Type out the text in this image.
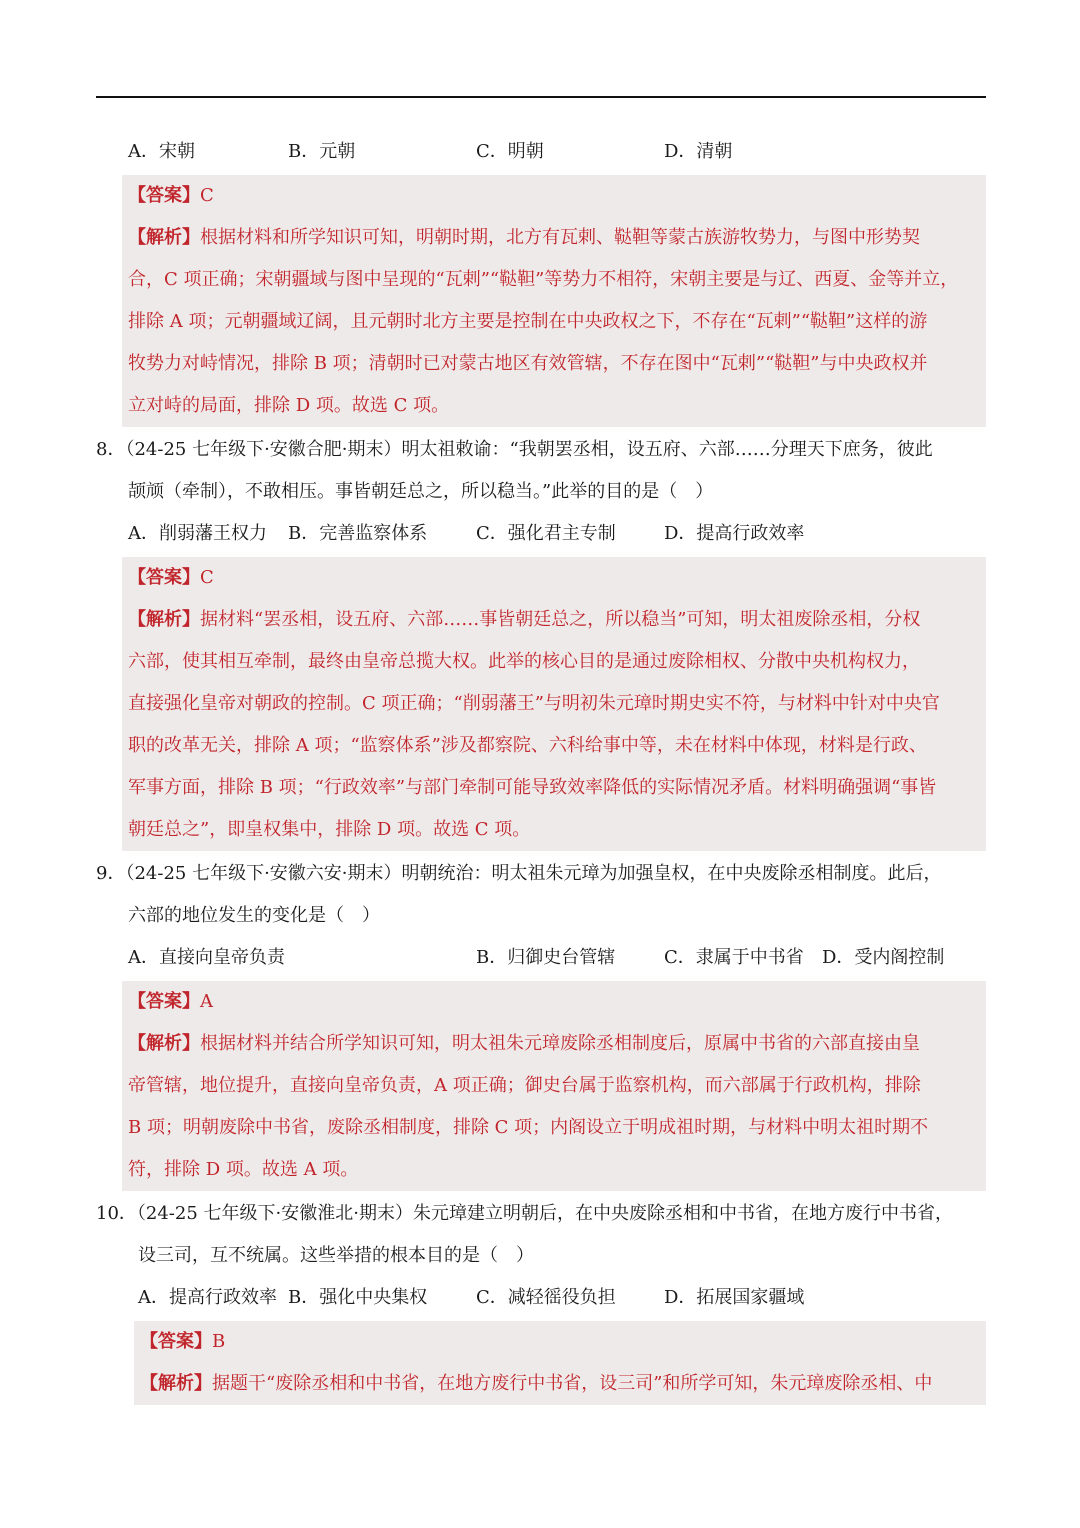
A．宋朝	B．元朝	C．明朝	D．清朝
【答案】C
【解析】根据材料和所学知识可知，明朝时期，北方有瓦剌、鞑靼等蒙古族游牧势力，与图中形势契
合，C 项正确；宋朝疆域与图中呈现的“瓦剌”“鞑靼”等势力不相符，宋朝主要是与辽、西夏、金等并立，
排除 A 项；元朝疆域辽阔，且元朝时北方主要是控制在中央政权之下，不存在“瓦剌”“鞑靼”这样的游
牧势力对峙情况，排除 B 项；清朝时已对蒙古地区有效管辖，不存在图中“瓦剌”“鞑靼”与中央政权并
立对峙的局面，排除 D 项。故选 C 项。
8．（24-25 七年级下·安徽合肥·期末）明太祖敕谕：“我朝罢丞相，设五府、六部……分理天下庶务，彼此
颉颃（牵制），不敢相压。事皆朝廷总之，所以稳当。”此举的目的是（　）
A．削弱藩王权力 B．完善监察体系	C．强化君主专制	D．提高行政效率
【答案】C
【解析】据材料“罢丞相，设五府、六部……事皆朝廷总之，所以稳当”可知，明太祖废除丞相，分权
六部，使其相互牵制，最终由皇帝总揽大权。此举的核心目的是通过废除相权、分散中央机构权力，
直接强化皇帝对朝政的控制。C 项正确；“削弱藩王”与明初朱元璋时期史实不符，与材料中针对中央官
职的改革无关，排除 A 项；“监察体系”涉及都察院、六科给事中等，未在材料中体现，材料是行政、
军事方面，排除 B 项；“行政效率”与部门牵制可能导致效率降低的实际情况矛盾。材料明确强调“事皆
朝廷总之”，即皇权集中，排除 D 项。故选 C 项。
9．（24-25 七年级下·安徽六安·期末）明朝统治：明太祖朱元璋为加强皇权，在中央废除丞相制度。此后，
六部的地位发生的变化是（　）
A．直接向皇帝负责	B．归御史台管辖	C．隶属于中书省 D．受内阁控制
【答案】A
【解析】根据材料并结合所学知识可知，明太祖朱元璋废除丞相制度后，原属中书省的六部直接由皇
帝管辖，地位提升，直接向皇帝负责，A 项正确；御史台属于监察机构，而六部属于行政机构，排除
B 项；明朝废除中书省，废除丞相制度，排除 C 项；内阁设立于明成祖时期，与材料中明太祖时期不
符，排除 D 项。故选 A 项。
10．（24-25 七年级下·安徽淮北·期末）朱元璋建立明朝后，在中央废除丞相和中书省，在地方废行中书省，
设三司，互不统属。这些举措的根本目的是（　）
A．提高行政效率 B．强化中央集权	C．减轻徭役负担	D．拓展国家疆域
【答案】B
【解析】据题干“废除丞相和中书省，在地方废行中书省，设三司”和所学可知，朱元璋废除丞相、中
